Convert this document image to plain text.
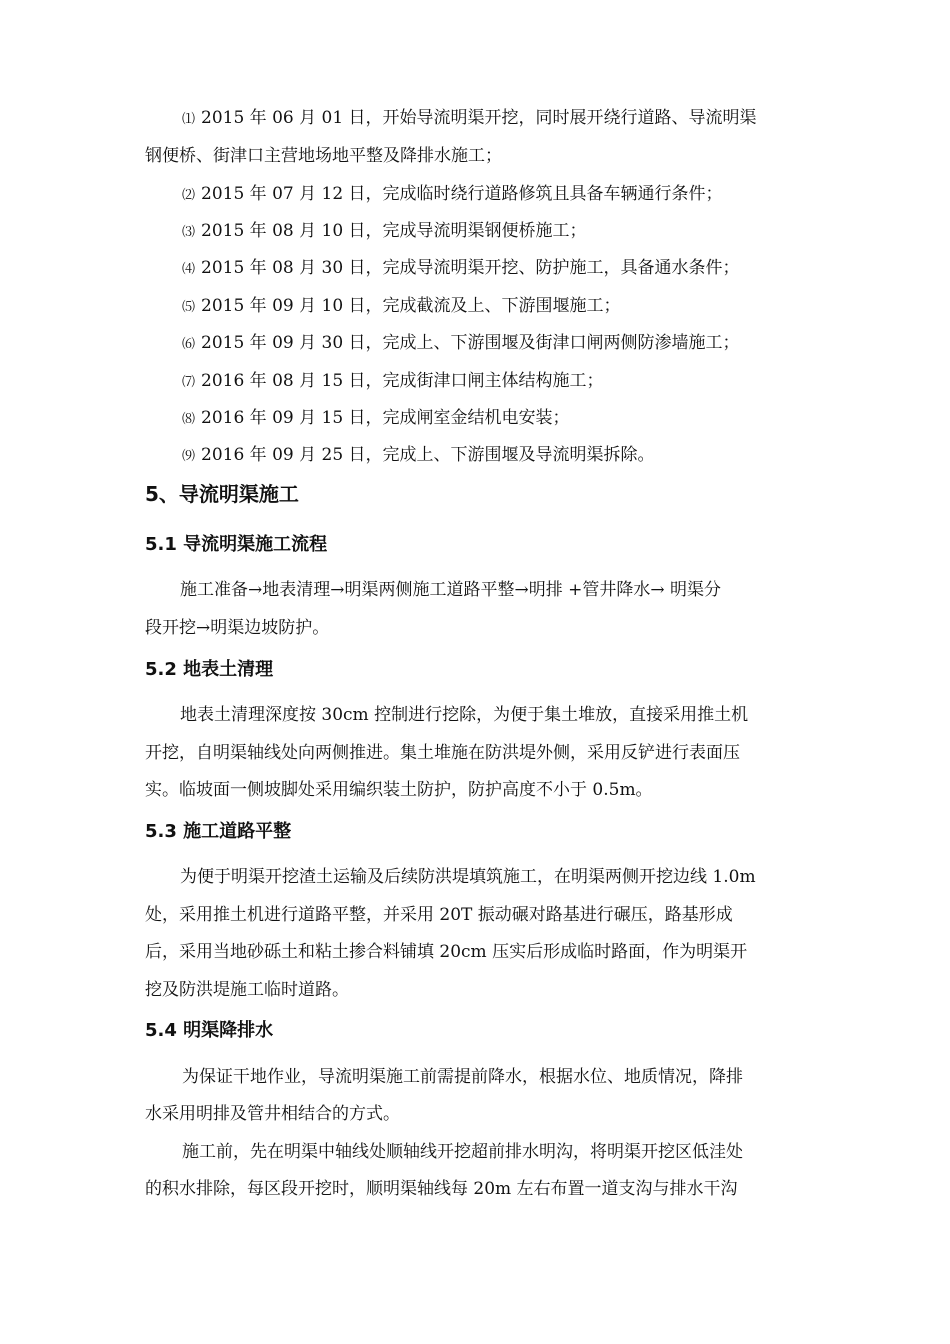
⑴ 2015 年 06 月 01 日，开始导流明渠开挖，同时展开绕行道路、导流明渠
钢便桥、街津口主营地场地平整及降排水施工；
⑵ 2015 年 07 月 12 日，完成临时绕行道路修筑且具备车辆通行条件；
⑶ 2015 年 08 月 10 日，完成导流明渠钢便桥施工；
⑷ 2015 年 08 月 30 日，完成导流明渠开挖、防护施工，具备通水条件；
⑸ 2015 年 09 月 10 日，完成截流及上、下游围堰施工；
⑹ 2015 年 09 月 30 日，完成上、下游围堰及街津口闸两侧防渗墙施工；
⑺ 2016 年 08 月 15 日，完成街津口闸主体结构施工；
⑻ 2016 年 09 月 15 日，完成闸室金结机电安装；
⑼ 2016 年 09 月 25 日，完成上、下游围堰及导流明渠拆除。
5、导流明渠施工
5.1 导流明渠施工流程
施工准备→地表清理→明渠两侧施工道路平整→明排 +管井降水→ 明渠分
段开挖→明渠边坡防护。
5.2 地表土清理
地表土清理深度按 30cm 控制进行挖除，为便于集土堆放，直接采用推土机
开挖，自明渠轴线处向两侧推进。集土堆施在防洪堤外侧，采用反铲进行表面压
实。临坡面一侧坡脚处采用编织装土防护，防护高度不小于 0.5m。
5.3 施工道路平整
为便于明渠开挖渣土运输及后续防洪堤填筑施工，在明渠两侧开挖边线 1.0m
处，采用推土机进行道路平整，并采用 20T 振动碾对路基进行碾压，路基形成
后，采用当地砂砾土和粘土掺合料铺填 20cm 压实后形成临时路面，作为明渠开
挖及防洪堤施工临时道路。
5.4 明渠降排水
为保证干地作业，导流明渠施工前需提前降水，根据水位、地质情况，降排
水采用明排及管井相结合的方式。
施工前，先在明渠中轴线处顺轴线开挖超前排水明沟，将明渠开挖区低洼处
的积水排除，每区段开挖时，顺明渠轴线每 20m 左右布置一道支沟与排水干沟
